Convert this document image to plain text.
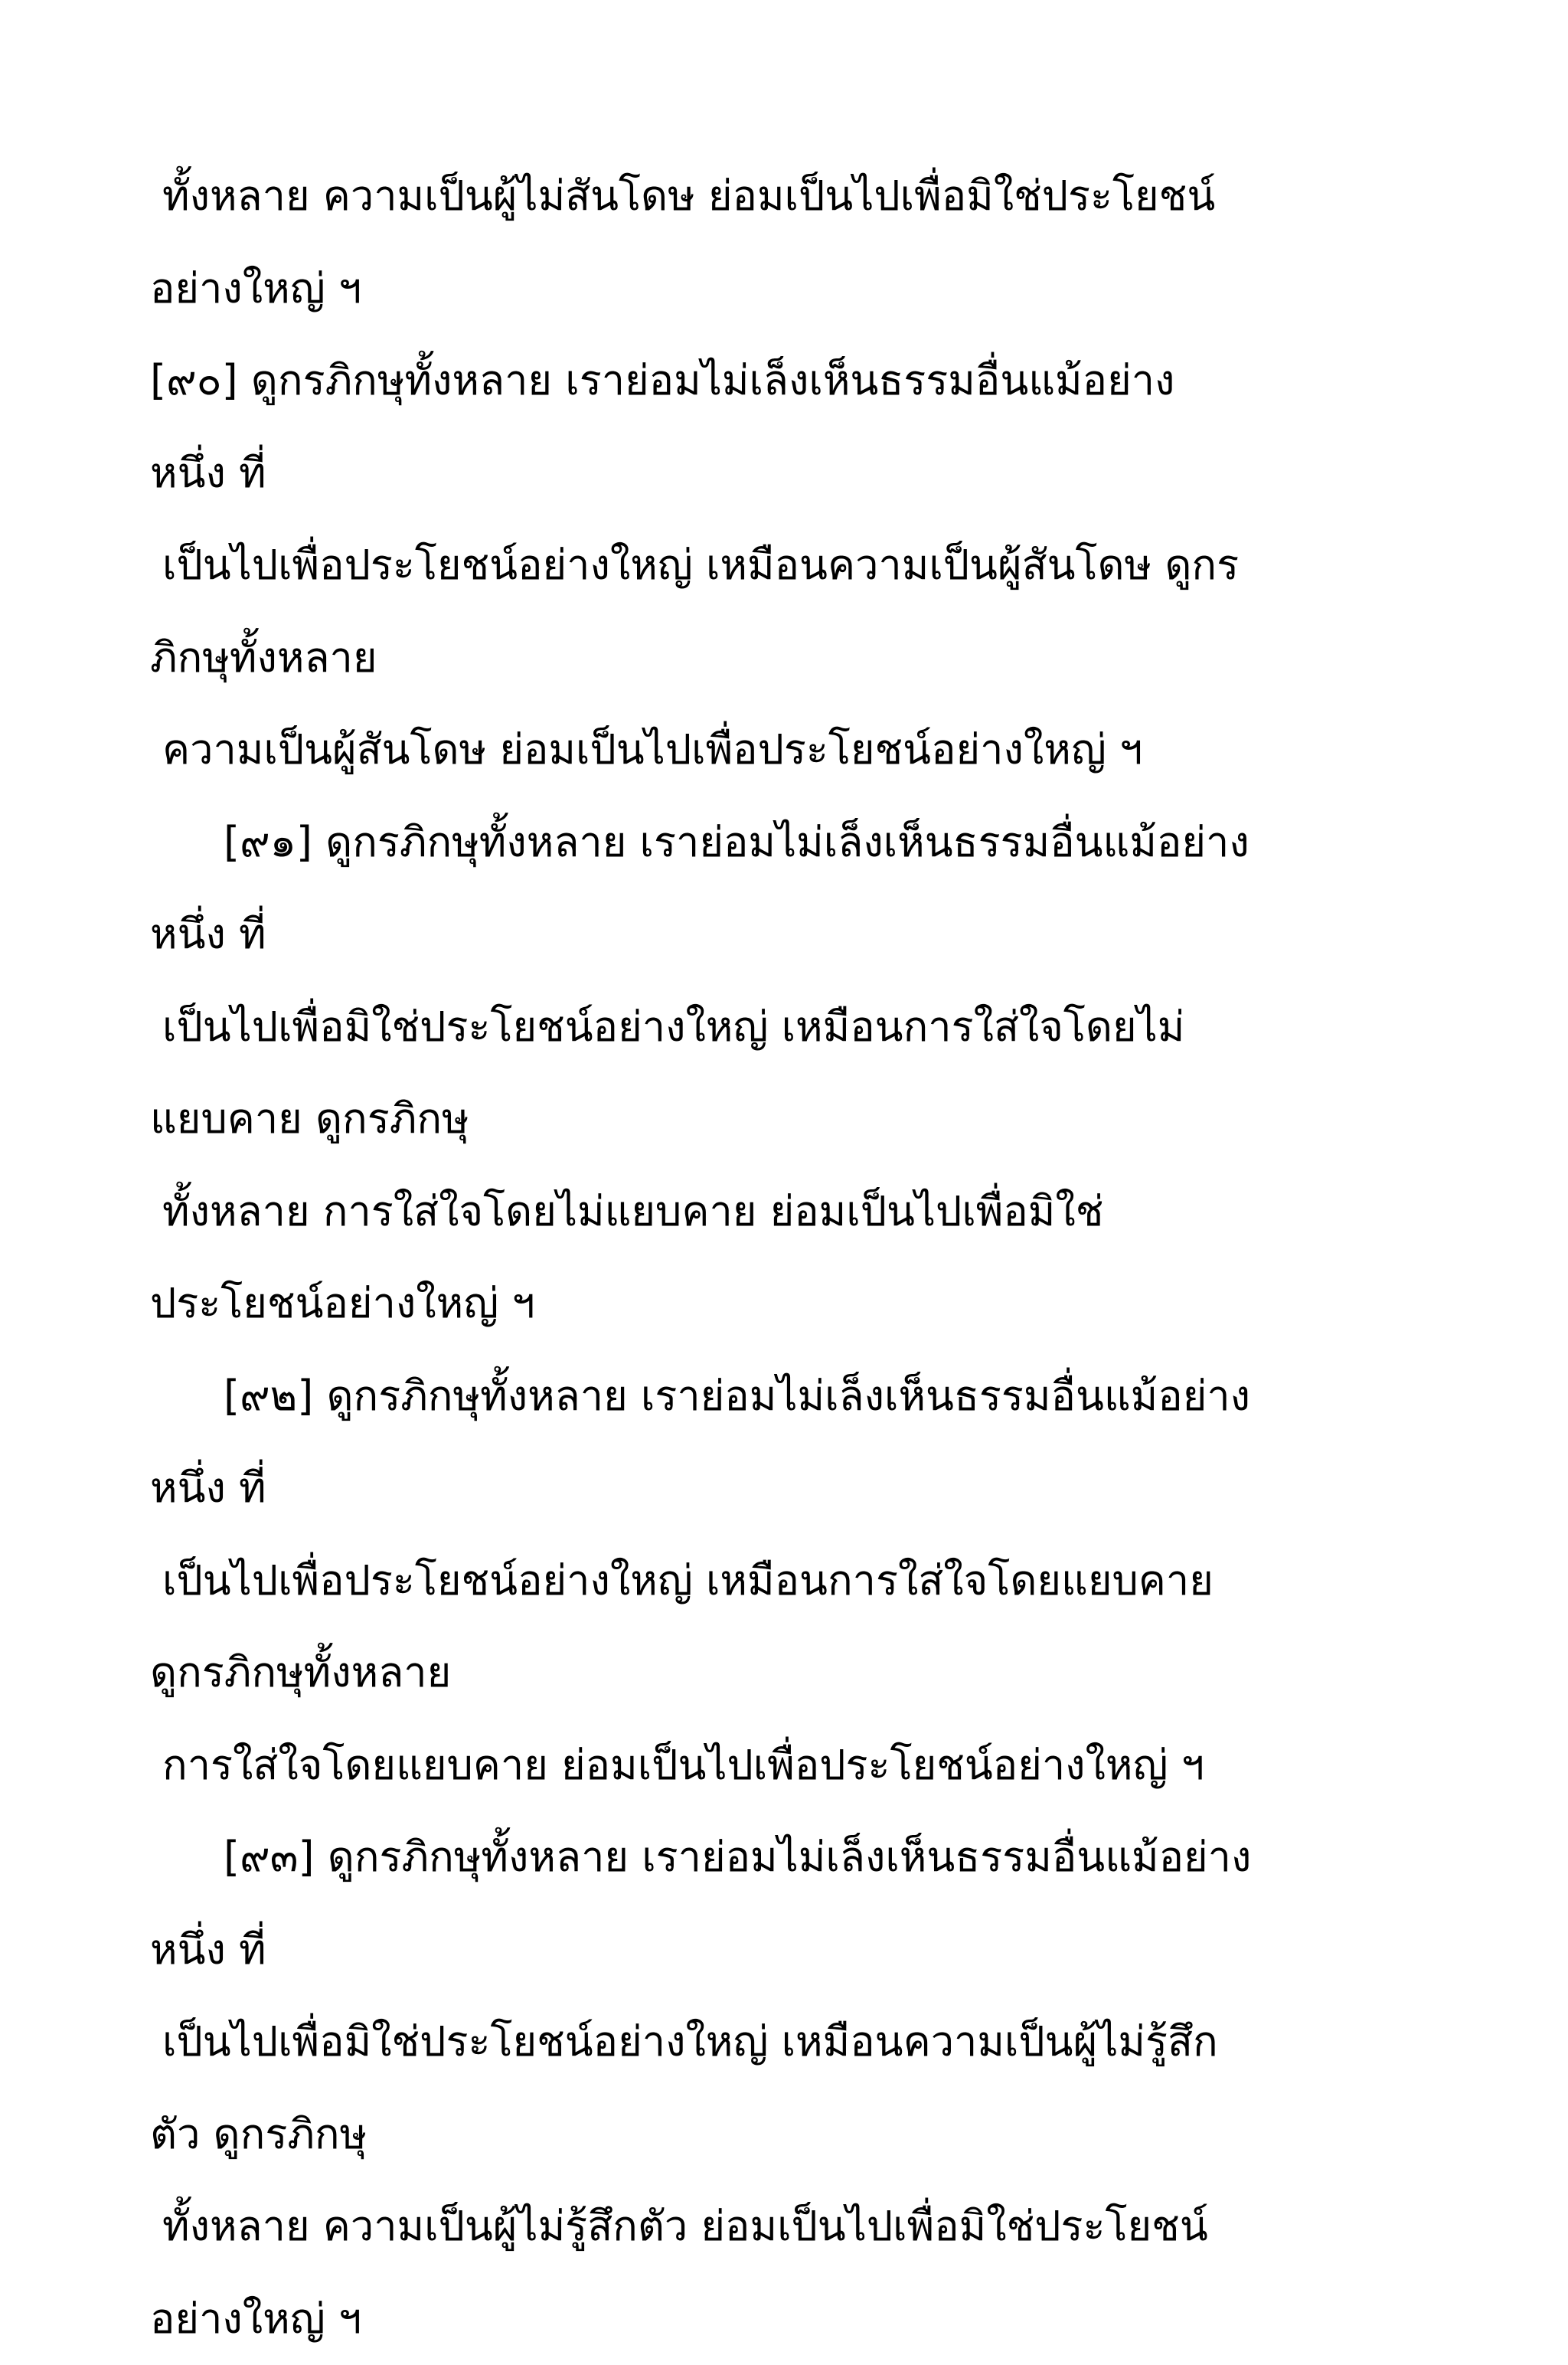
ทั้งหลาย ความเป็นผู้ไม่สันโดษ ย่อมเป็นไปเพื่อมิใช่ประโยชน์
อย่างใหญ่ ฯ
[๙๐] ดูกรภิกษุทั้งหลาย เราย่อมไม่เล็งเห็นธรรมอื่นแม้อย่าง
หนึ่ง ที่
เป็นไปเพื่อประโยชน์อย่างใหญ่ เหมือนความเป็นผู้สันโดษ ดูกร
ภิกษุทั้งหลาย
ความเป็นผู้สันโดษ ย่อมเป็นไปเพื่อประโยชน์อย่างใหญ่ ฯ
[๙๑] ดูกรภิกษุทั้งหลาย เราย่อมไม่เล็งเห็นธรรมอื่นแม้อย่าง
หนึ่ง ที่
เป็นไปเพื่อมิใช่ประโยชน์อย่างใหญ่ เหมือนการใส่ใจโดยไม่
แยบคาย ดูกรภิกษุ
ทั้งหลาย การใส่ใจโดยไม่แยบคาย ย่อมเป็นไปเพื่อมิใช่
ประโยชน์อย่างใหญ่ ฯ
[๙๒] ดูกรภิกษุทั้งหลาย เราย่อมไม่เล็งเห็นธรรมอื่นแม้อย่าง
หนึ่ง ที่
เป็นไปเพื่อประโยชน์อย่างใหญ่ เหมือนการใส่ใจโดยแยบคาย
ดูกรภิกษุทั้งหลาย
การใส่ใจโดยแยบคาย ย่อมเป็นไปเพื่อประโยชน์อย่างใหญ่ ฯ
[๙๓] ดูกรภิกษุทั้งหลาย เราย่อมไม่เล็งเห็นธรรมอื่นแม้อย่าง
หนึ่ง ที่
เป็นไปเพื่อมิใช่ประโยชน์อย่างใหญ่ เหมือนความเป็นผู้ไม่รู้สึก
ตัว ดูกรภิกษุ
ทั้งหลาย ความเป็นผู้ไม่รู้สึกตัว ย่อมเป็นไปเพื่อมิใช่ประโยชน์
อย่างใหญ่ ฯ
